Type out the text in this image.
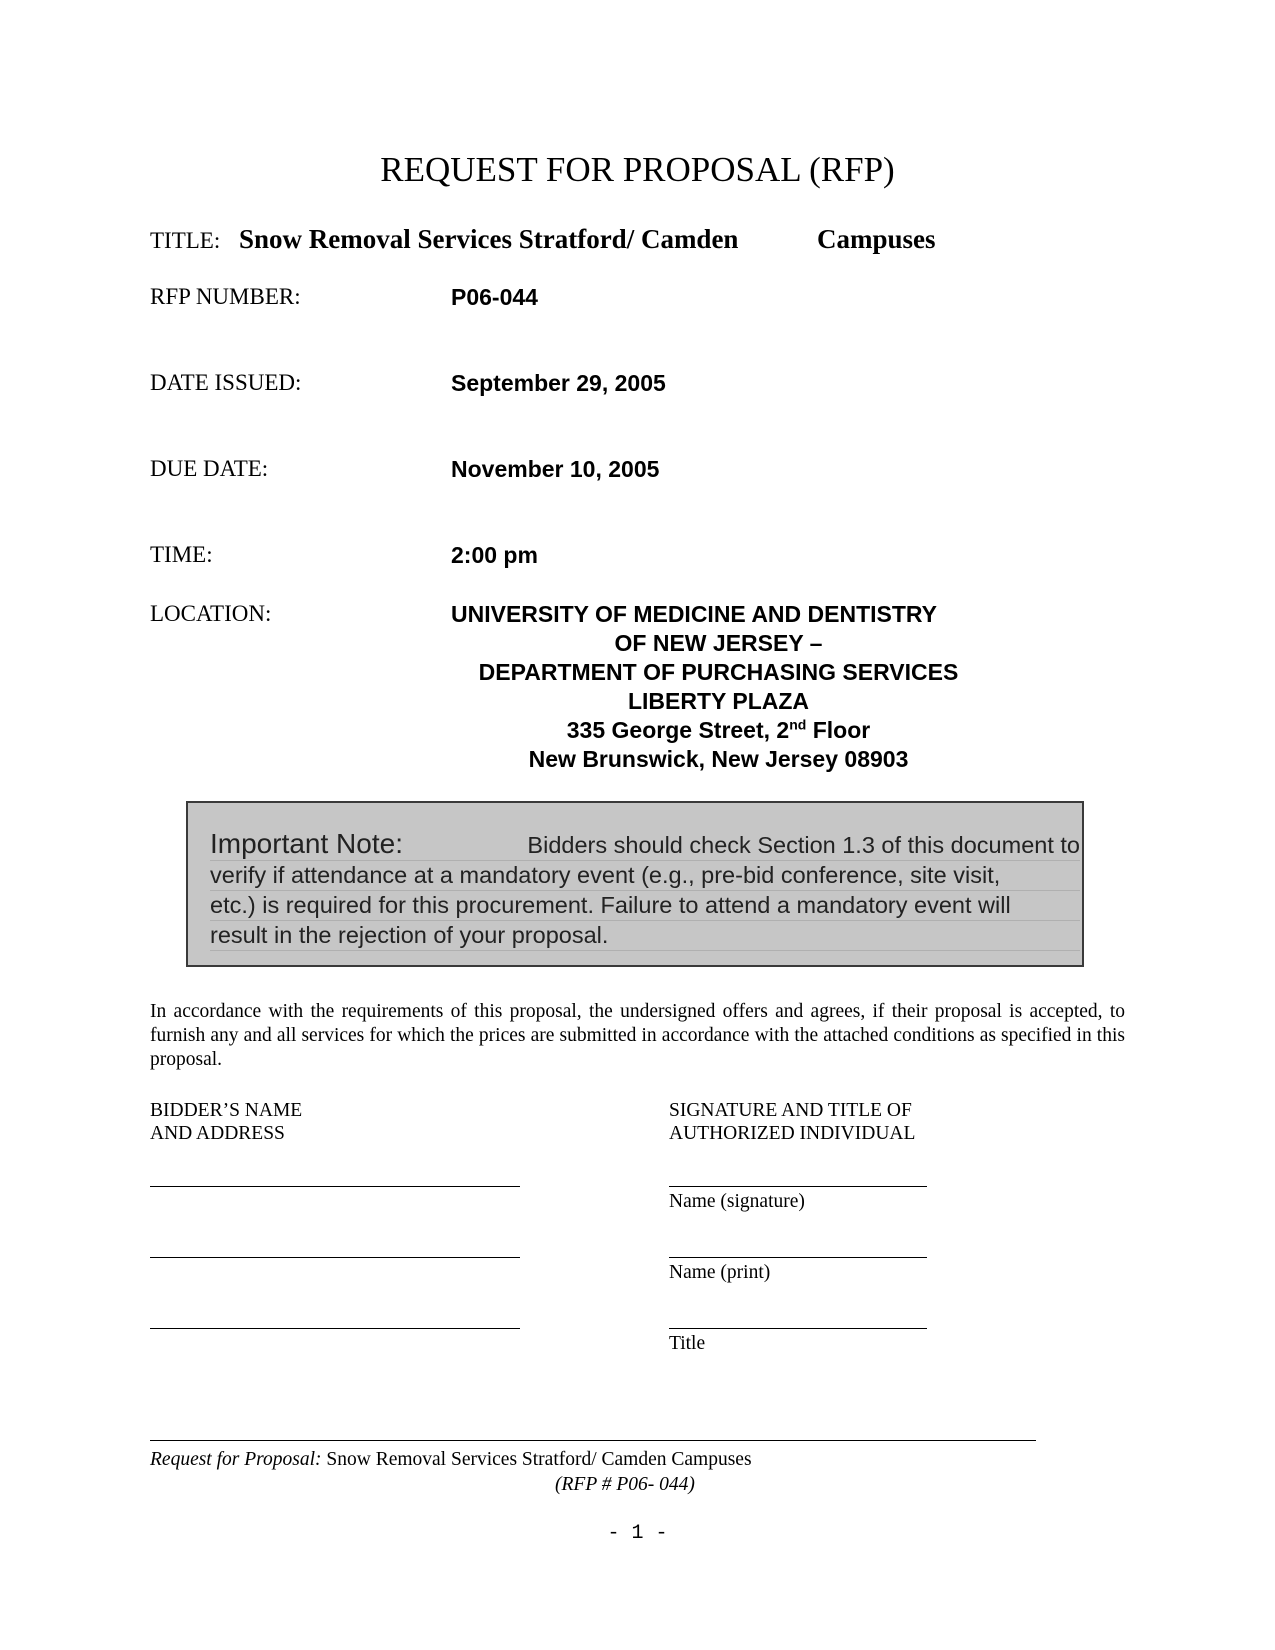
REQUEST FOR PROPOSAL (RFP)
TITLE: Snow Removal Services Stratford/ Camden	Campuses
RFP NUMBER:	P06-044
DATE ISSUED:	September 29, 2005
DUE DATE:	November 10, 2005
TIME:	2:00 pm
LOCATION:	UNIVERSITY OF MEDICINE AND DENTISTRY
OF NEW JERSEY –
DEPARTMENT OF PURCHASING SERVICES
LIBERTY PLAZA
335 George Street, 2nd Floor
New Brunswick, New Jersey 08903
Important Note:	Bidders should check Section 1.3 of this document to
verify if attendance at a mandatory event (e.g., pre-bid conference, site visit,
etc.) is required for this procurement. Failure to attend a mandatory event will
result in the rejection of your proposal.
In accordance with the requirements of this proposal, the undersigned offers and agrees, if their proposal is accepted, to furnish any and all services for which the prices are submitted in accordance with the attached conditions as specified in this proposal.
BIDDER’S NAME
AND ADDRESS
SIGNATURE AND TITLE OF
AUTHORIZED INDIVIDUAL
Name (signature)
Name (print)
Title
Request for Proposal: Snow Removal Services Stratford/ Camden Campuses
(RFP # P06- 044)
- 1 -
